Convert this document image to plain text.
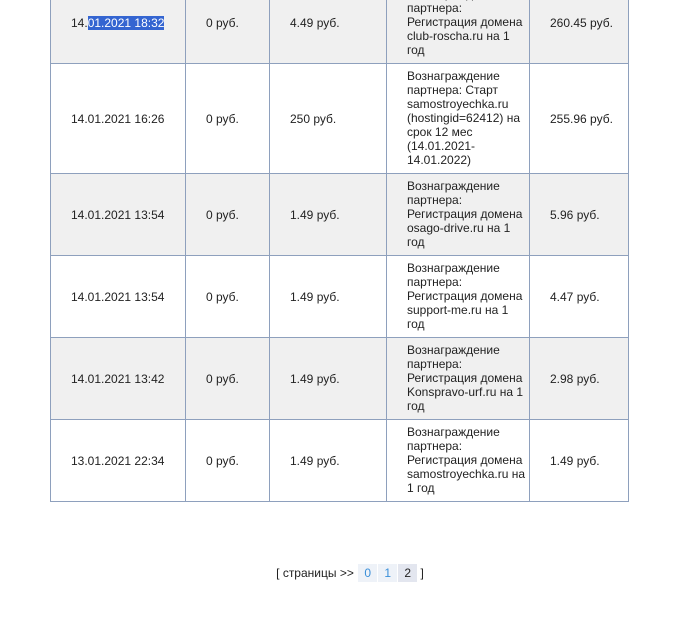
14.01.2021 18:32	0 руб.	4.49 руб.	партнера: Регистрация домена club-roscha.ru на 1 год	260.45 руб.
14.01.2021 16:26	0 руб.	250 руб.	Вознаграждение партнера: Старт samostroyechka.ru (hostingid=62412) на срок 12 мес (14.01.2021-14.01.2022)	255.96 руб.
14.01.2021 13:54	0 руб.	1.49 руб.	Вознаграждение партнера: Регистрация домена osago-drive.ru на 1 год	5.96 руб.
14.01.2021 13:54	0 руб.	1.49 руб.	Вознаграждение партнера: Регистрация домена support-me.ru на 1 год	4.47 руб.
14.01.2021 13:42	0 руб.	1.49 руб.	Вознаграждение партнера: Регистрация домена Konspravo-urf.ru на 1 год	2.98 руб.
13.01.2021 22:34	0 руб.	1.49 руб.	Вознаграждение партнера: Регистрация домена samostroyechka.ru на 1 год	1.49 руб.
[ страницы >> 0 1 2 ]
